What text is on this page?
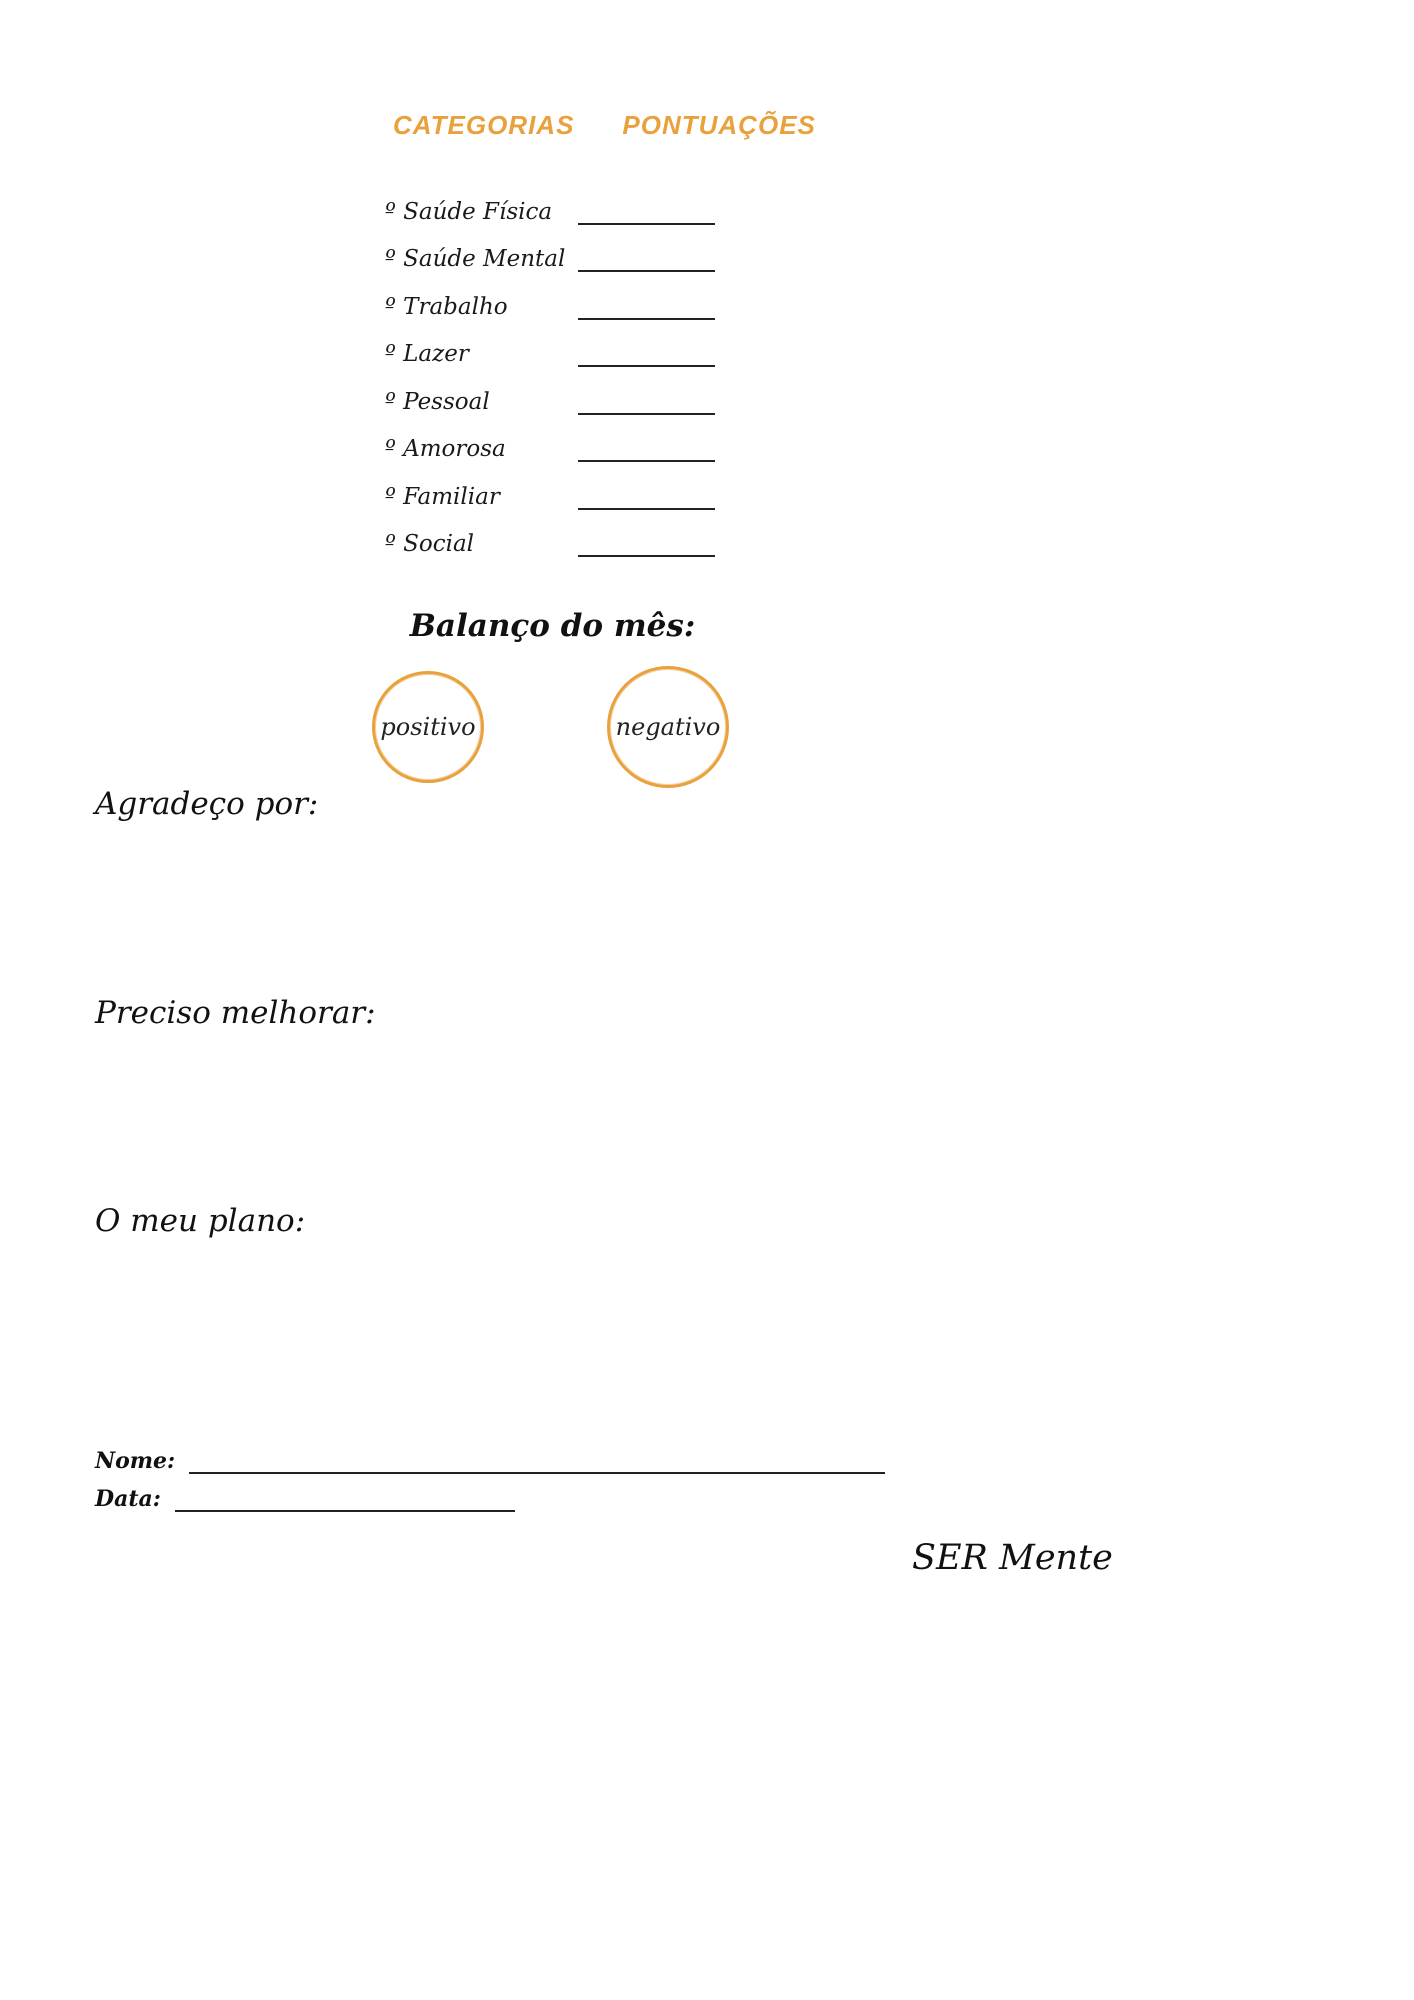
CATEGORIAS PONTUAÇÕES
º Saúde Física
º Saúde Mental
º Trabalho
º Lazer
º Pessoal
º Amorosa
º Familiar
º Social
Balanço do mês:
positivo	negativo
Agradeço por:
Preciso melhorar:
O meu plano:
Nome:
Data:
SER Mente
